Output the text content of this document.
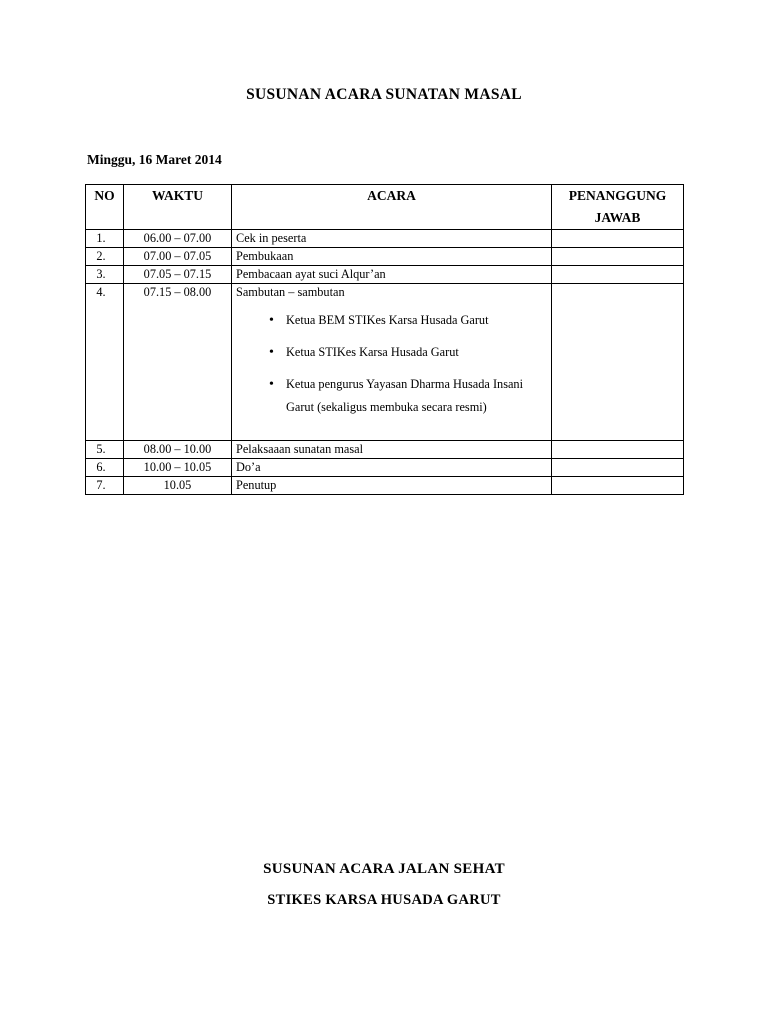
SUSUNAN ACARA SUNATAN MASAL
Minggu, 16 Maret 2014
NO	WAKTU	ACARA	PENANGGUNG
JAWAB
1.	06.00 – 07.00	Cek in peserta	
2.	07.00 – 07.05	Pembukaan	
3.	07.05 – 07.15	Pembacaan ayat suci Alqur’an	
4.	07.15 – 08.00	Sambutan – sambutan
• Ketua BEM STIKes Karsa Husada Garut
• Ketua STIKes Karsa Husada Garut
• Ketua pengurus Yayasan Dharma Husada Insani Garut (sekaligus membuka secara resmi)

5.	08.00 – 10.00	Pelaksaaan sunatan masal	
6.	10.00 – 10.05	Do’a	
7.	10.05	Penutup	
SUSUNAN ACARA JALAN SEHAT
STIKES KARSA HUSADA GARUT
